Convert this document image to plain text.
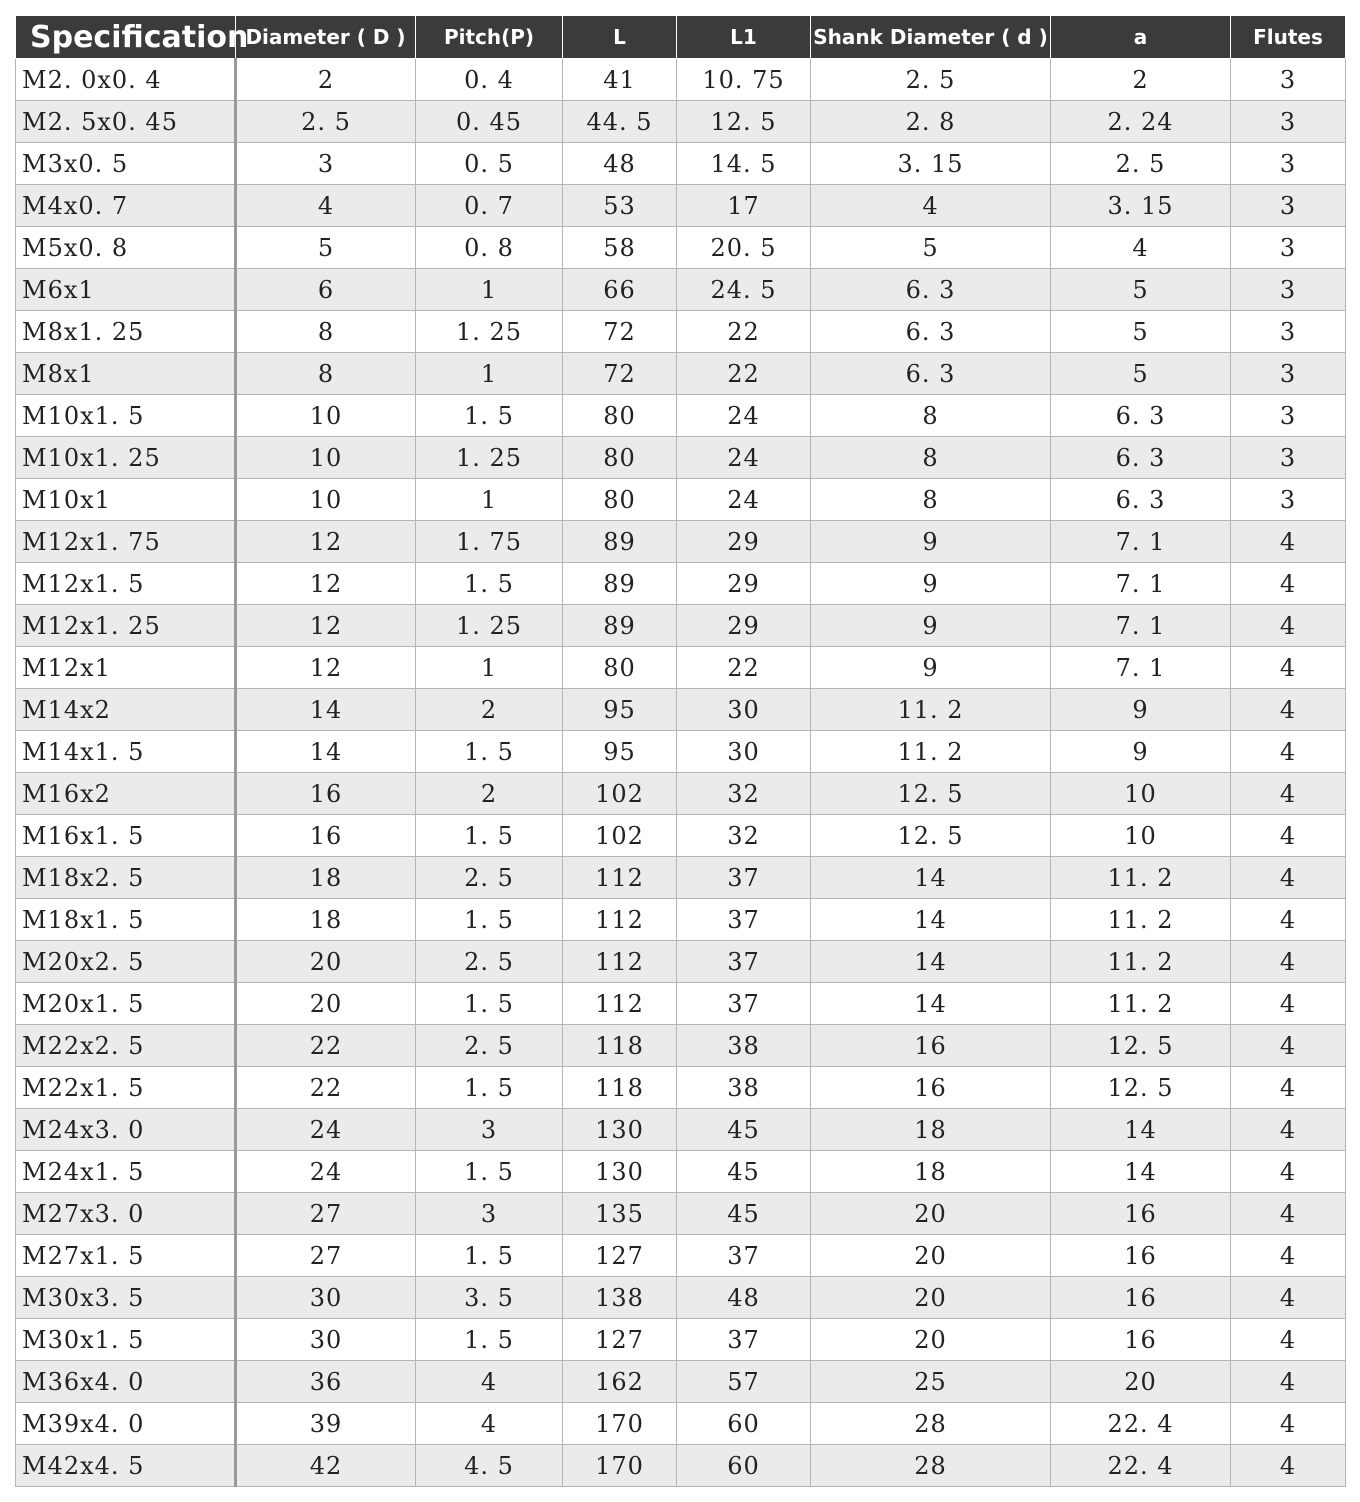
Specification	Diameter ( D )	Pitch(P)	L	L1	Shank Diameter ( d )	a	Flutes
M2. 0x0. 4	2	0. 4	41	10. 75	2. 5	2	3
M2. 5x0. 45	2. 5	0. 45	44. 5	12. 5	2. 8	2. 24	3
M3x0. 5	3	0. 5	48	14. 5	3. 15	2. 5	3
M4x0. 7	4	0. 7	53	17	4	3. 15	3
M5x0. 8	5	0. 8	58	20. 5	5	4	3
M6x1	6	1	66	24. 5	6. 3	5	3
M8x1. 25	8	1. 25	72	22	6. 3	5	3
M8x1	8	1	72	22	6. 3	5	3
M10x1. 5	10	1. 5	80	24	8	6. 3	3
M10x1. 25	10	1. 25	80	24	8	6. 3	3
M10x1	10	1	80	24	8	6. 3	3
M12x1. 75	12	1. 75	89	29	9	7. 1	4
M12x1. 5	12	1. 5	89	29	9	7. 1	4
M12x1. 25	12	1. 25	89	29	9	7. 1	4
M12x1	12	1	80	22	9	7. 1	4
M14x2	14	2	95	30	11. 2	9	4
M14x1. 5	14	1. 5	95	30	11. 2	9	4
M16x2	16	2	102	32	12. 5	10	4
M16x1. 5	16	1. 5	102	32	12. 5	10	4
M18x2. 5	18	2. 5	112	37	14	11. 2	4
M18x1. 5	18	1. 5	112	37	14	11. 2	4
M20x2. 5	20	2. 5	112	37	14	11. 2	4
M20x1. 5	20	1. 5	112	37	14	11. 2	4
M22x2. 5	22	2. 5	118	38	16	12. 5	4
M22x1. 5	22	1. 5	118	38	16	12. 5	4
M24x3. 0	24	3	130	45	18	14	4
M24x1. 5	24	1. 5	130	45	18	14	4
M27x3. 0	27	3	135	45	20	16	4
M27x1. 5	27	1. 5	127	37	20	16	4
M30x3. 5	30	3. 5	138	48	20	16	4
M30x1. 5	30	1. 5	127	37	20	16	4
M36x4. 0	36	4	162	57	25	20	4
M39x4. 0	39	4	170	60	28	22. 4	4
M42x4. 5	42	4. 5	170	60	28	22. 4	4
